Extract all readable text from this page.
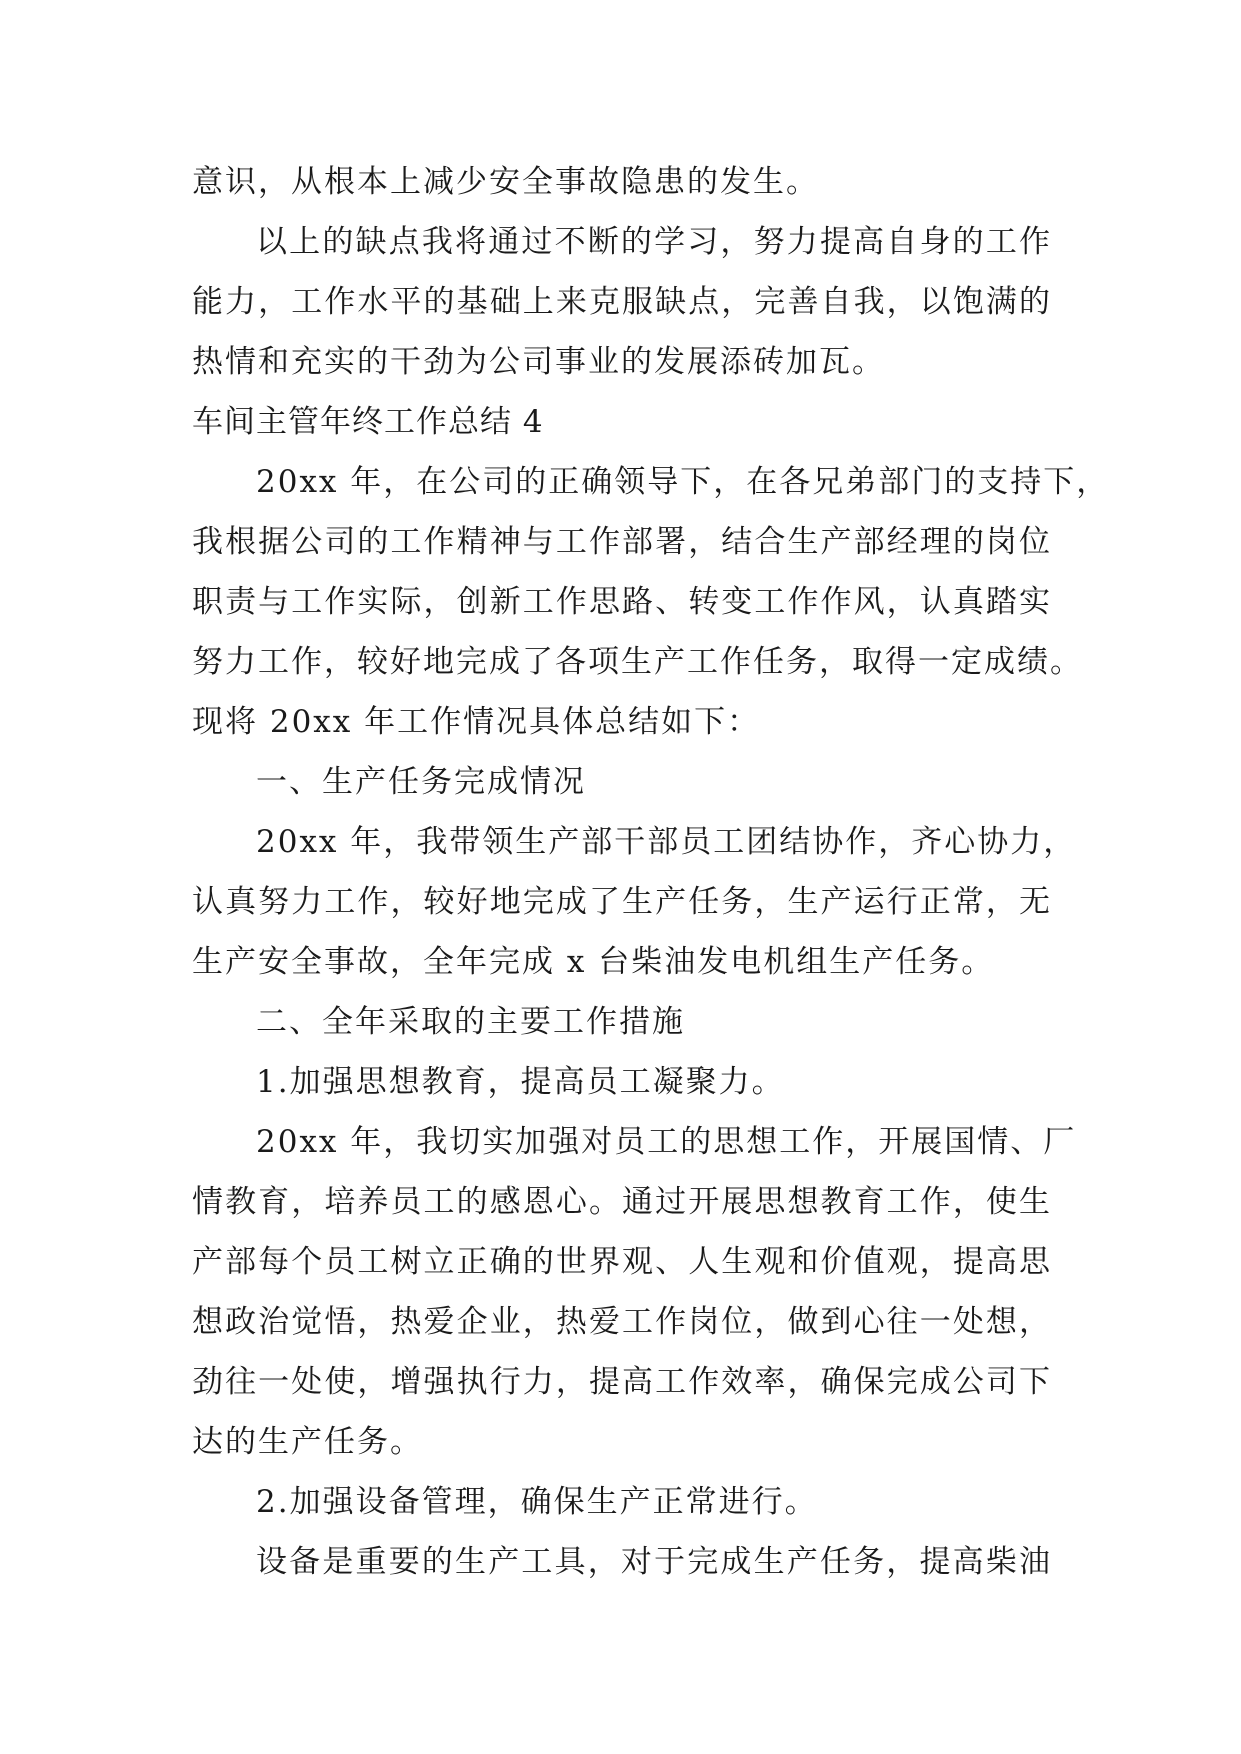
意识，从根本上减少安全事故隐患的发生。
以上的缺点我将通过不断的学习，努力提高自身的工作
能力，工作水平的基础上来克服缺点，完善自我，以饱满的
热情和充实的干劲为公司事业的发展添砖加瓦。
车间主管年终工作总结 4
20xx 年，在公司的正确领导下，在各兄弟部门的支持下，
我根据公司的工作精神与工作部署，结合生产部经理的岗位
职责与工作实际，创新工作思路、转变工作作风，认真踏实
努力工作，较好地完成了各项生产工作任务，取得一定成绩。
现将 20xx 年工作情况具体总结如下：
一、生产任务完成情况
20xx 年，我带领生产部干部员工团结协作，齐心协力，
认真努力工作，较好地完成了生产任务，生产运行正常，无
生产安全事故，全年完成 x 台柴油发电机组生产任务。
二、全年采取的主要工作措施
1.加强思想教育，提高员工凝聚力。
20xx 年，我切实加强对员工的思想工作，开展国情、厂
情教育，培养员工的感恩心。通过开展思想教育工作，使生
产部每个员工树立正确的世界观、人生观和价值观，提高思
想政治觉悟，热爱企业，热爱工作岗位，做到心往一处想，
劲往一处使，增强执行力，提高工作效率，确保完成公司下
达的生产任务。
2.加强设备管理，确保生产正常进行。
设备是重要的生产工具，对于完成生产任务，提高柴油
